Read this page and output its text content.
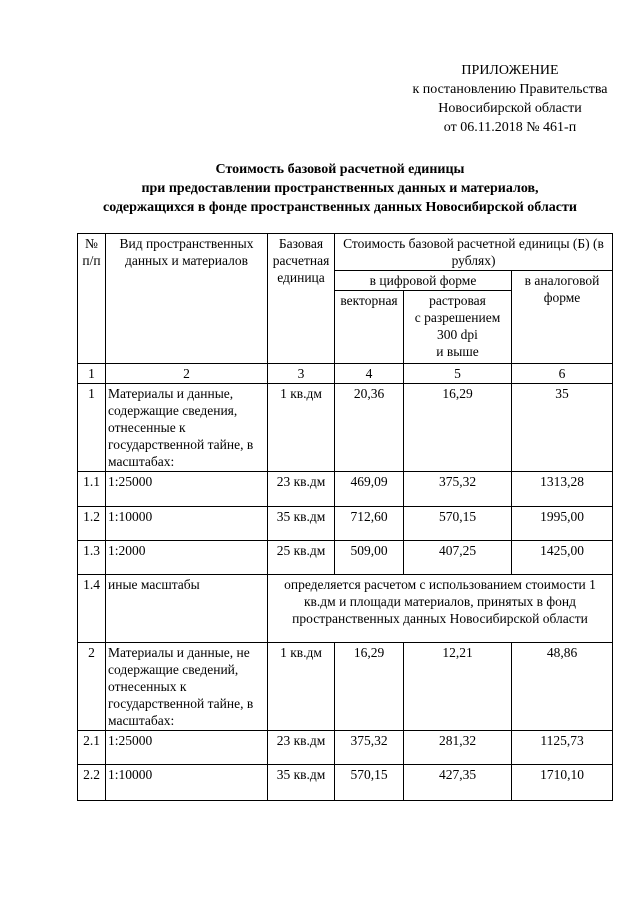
ПРИЛОЖЕНИЕ
к постановлению Правительства
Новосибирской области
от 06.11.2018 № 461-п
Стоимость базовой расчетной единицы
при предоставлении пространственных данных и материалов,
содержащихся в фонде пространственных данных Новосибирской области
№ п/п	Вид пространственных данных и материалов	Базовая расчетная единица	Стоимость базовой расчетной единицы (Б) (в рублях)		
			в цифровой форме		в аналоговой форме
			векторная	растровая
с разрешением
300 dpi
и выше	

1	2	3	4	5	6
1	Материалы и данные, содержащие сведения, отнесенные к государственной тайне, в масштабах:	1 кв.дм	20,36	16,29	35
1.1	1:25000	23 кв.дм	469,09	375,32	1313,28
1.2	1:10000	35 кв.дм	712,60	570,15	1995,00
1.3	1:2000	25 кв.дм	509,00	407,25	1425,00
1.4	иные масштабы	определяется расчетом с использованием стоимости 1 кв.дм и площади материалов, принятых в фонд пространственных данных Новосибирской области			
2	Материалы и данные, не содержащие сведений, отнесенных к государственной тайне, в масштабах:	1 кв.дм	16,29	12,21	48,86
2.1	1:25000	23 кв.дм	375,32	281,32	1125,73
2.2	1:10000	35 кв.дм	570,15	427,35	1710,10
